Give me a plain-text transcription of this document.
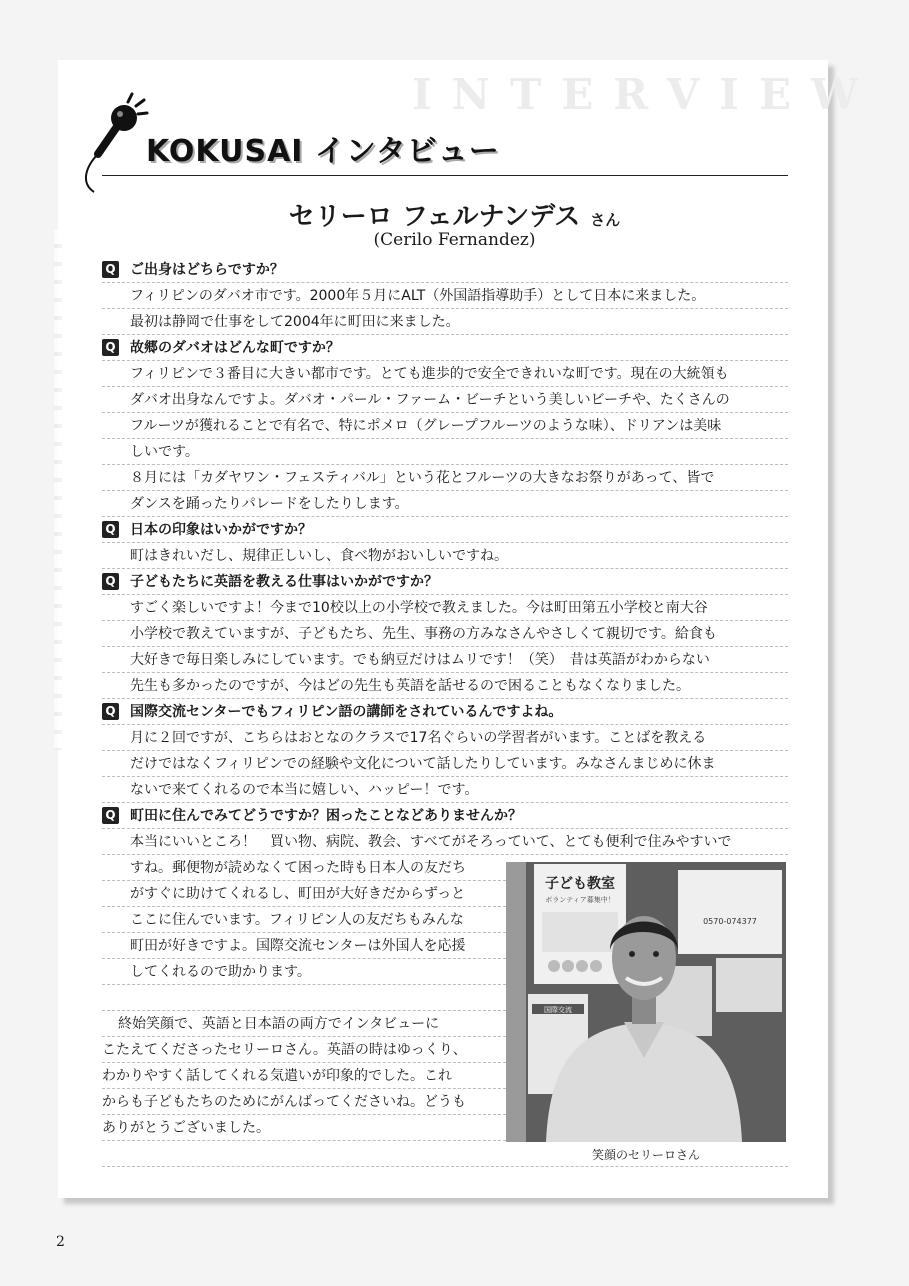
INTERVIEW
KOKUSAI インタビュー
セリーロ フェルナンデス さん
(Cerilo Fernandez)
Q ご出身はどちらですか？
フィリピンのダバオ市です。2000年５月にALT（外国語指導助手）として日本に来ました。
最初は静岡で仕事をして2004年に町田に来ました。
Q 故郷のダバオはどんな町ですか？
フィリピンで３番目に大きい都市です。とても進歩的で安全できれいな町です。現在の大統領も
ダバオ出身なんですよ。ダバオ・パール・ファーム・ビーチという美しいビーチや、たくさんの
フルーツが獲れることで有名で、特にポメロ（グレープフルーツのような味）、ドリアンは美味
しいです。
８月には「カダヤワン・フェスティバル」という花とフルーツの大きなお祭りがあって、皆で
ダンスを踊ったりパレードをしたりします。
Q 日本の印象はいかがですか？
町はきれいだし、規律正しいし、食べ物がおいしいですね。
Q 子どもたちに英語を教える仕事はいかがですか？
すごく楽しいですよ！今まで10校以上の小学校で教えました。今は町田第五小学校と南大谷
小学校で教えていますが、子どもたち、先生、事務の方みなさんやさしくて親切です。給食も
大好きで毎日楽しみにしています。でも納豆だけはムリです！（笑）　昔は英語がわからない
先生も多かったのですが、今はどの先生も英語を話せるので困ることもなくなりました。
Q 国際交流センターでもフィリピン語の講師をされているんですよね。
月に２回ですが、こちらはおとなのクラスで17名ぐらいの学習者がいます。ことばを教える
だけではなくフィリピンでの経験や文化について話したりしています。みなさんまじめに休ま
ないで来てくれるので本当に嬉しい、ハッピー！です。
Q 町田に住んでみてどうですか？困ったことなどありませんか？
本当にいいところ！　買い物、病院、教会、すべてがそろっていて、とても便利で住みやすいで
すね。郵便物が読めなくて困った時も日本人の友だち
がすぐに助けてくれるし、町田が大好きだからずっと
ここに住んでいます。フィリピン人の友だちもみんな
町田が好きですよ。国際交流センターは外国人を応援
してくれるので助かります。
終始笑顔で、英語と日本語の両方でインタビューに
こたえてくださったセリーロさん。英語の時はゆっくり、
わかりやすく話してくれる気遣いが印象的でした。これ
からも子どもたちのためにがんばってくださいね。どうも
ありがとうございました。
子ども教室
ボランティア募集中！
国際交流
0570-074377
笑顔のセリーロさん
2
